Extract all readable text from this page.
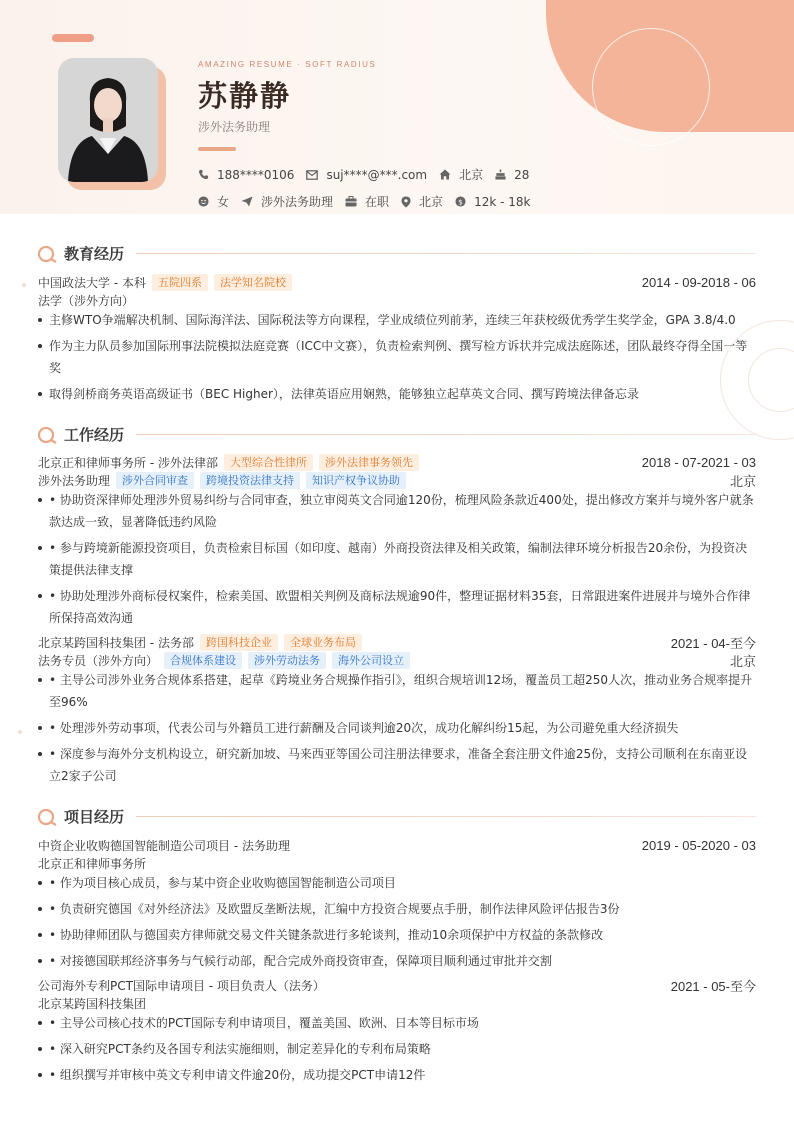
AMAZING RESUME · SOFT RADIUS
苏静静
涉外法务助理
188****0106	suj****@***.com	北京	28
女	涉外法务助理	在职	北京 $ 12k - 18k
教育经历
中国政法大学 - 本科	五院四系	法学知名院校	2014 - 09-2018 - 06
法学（涉外方向）
主修WTO争端解决机制、国际海洋法、国际税法等方向课程，学业成绩位列前茅，连续三年获校级优秀学生奖学金，GPA 3.8/4.0
作为主力队员参加国际刑事法院模拟法庭竞赛（ICC中文赛），负责检索判例、撰写检方诉状并完成法庭陈述，团队最终夺得全国一等奖
取得剑桥商务英语高级证书（BEC Higher），法律英语应用娴熟，能够独立起草英文合同、撰写跨境法律备忘录
工作经历
北京正和律师事务所 - 涉外法律部	大型综合性律所	涉外法律事务领先	2018 - 07-2021 - 03
涉外法务助理	涉外合同审查	跨境投资法律支持	知识产权争议协助	北京
• 协助资深律师处理涉外贸易纠纷与合同审查，独立审阅英文合同逾120份，梳理风险条款近400处，提出修改方案并与境外客户就条款达成一致，显著降低违约风险
• 参与跨境新能源投资项目，负责检索目标国（如印度、越南）外商投资法律及相关政策，编制法律环境分析报告20余份，为投资决策提供法律支撑
• 协助处理涉外商标侵权案件，检索美国、欧盟相关判例及商标法规逾90件，整理证据材料35套，日常跟进案件进展并与境外合作律所保持高效沟通
北京某跨国科技集团 - 法务部	跨国科技企业	全球业务布局	2021 - 04-至今
法务专员（涉外方向）	合规体系建设	涉外劳动法务	海外公司设立	北京
• 主导公司涉外业务合规体系搭建，起草《跨境业务合规操作指引》，组织合规培训12场，覆盖员工超250人次，推动业务合规率提升至96%
• 处理涉外劳动事项，代表公司与外籍员工进行薪酬及合同谈判逾20次，成功化解纠纷15起，为公司避免重大经济损失
• 深度参与海外分支机构设立，研究新加坡、马来西亚等国公司注册法律要求，准备全套注册文件逾25份，支持公司顺利在东南亚设立2家子公司
项目经历
中资企业收购德国智能制造公司项目 - 法务助理	2019 - 05-2020 - 03
北京正和律师事务所
• 作为项目核心成员，参与某中资企业收购德国智能制造公司项目
• 负责研究德国《对外经济法》及欧盟反垄断法规，汇编中方投资合规要点手册，制作法律风险评估报告3份
• 协助律师团队与德国卖方律师就交易文件关键条款进行多轮谈判，推动10余项保护中方权益的条款修改
• 对接德国联邦经济事务与气候行动部，配合完成外商投资审查，保障项目顺利通过审批并交割
公司海外专利PCT国际申请项目 - 项目负责人（法务）	2021 - 05-至今
北京某跨国科技集团
• 主导公司核心技术的PCT国际专利申请项目，覆盖美国、欧洲、日本等目标市场
• 深入研究PCT条约及各国专利法实施细则，制定差异化的专利布局策略
• 组织撰写并审核中英文专利申请文件逾20份，成功提交PCT申请12件
